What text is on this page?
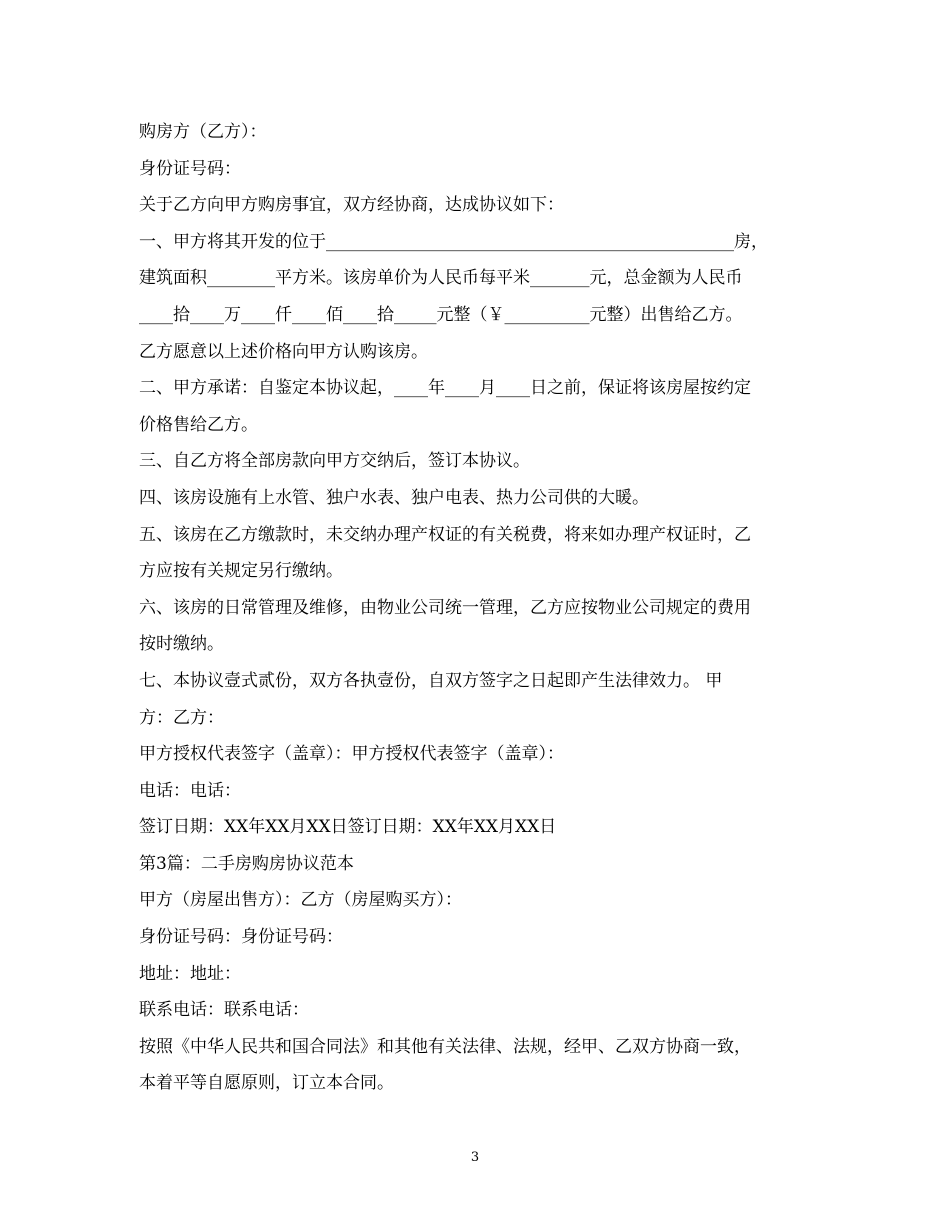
购房方（乙方）：
身份证号码：
关于乙方向甲方购房事宜，双方经协商，达成协议如下：
一、甲方将其开发的位于________________________________________________房，
建筑面积________平方米。该房单价为人民币每平米_______元，总金额为人民币
____拾____万____仟____佰____拾_____元整（￥__________元整）出售给乙方。
乙方愿意以上述价格向甲方认购该房。
二、甲方承诺：自鉴定本协议起，____年____月____日之前，保证将该房屋按约定
价格售给乙方。
三、自乙方将全部房款向甲方交纳后，签订本协议。
四、该房设施有上水管、独户水表、独户电表、热力公司供的大暖。
五、该房在乙方缴款时，未交纳办理产权证的有关税费，将来如办理产权证时，乙
方应按有关规定另行缴纳。
六、该房的日常管理及维修，由物业公司统一管理，乙方应按物业公司规定的费用
按时缴纳。
七、本协议壹式贰份，双方各执壹份，自双方签字之日起即产生法律效力。 甲
方：乙方：
甲方授权代表签字（盖章）：甲方授权代表签字（盖章）：
电话：电话：
签订日期：XX年XX月XX日签订日期：XX年XX月XX日
第3篇：二手房购房协议范本
甲方（房屋出售方）：乙方（房屋购买方）：
身份证号码：身份证号码：
地址：地址：
联系电话：联系电话：
按照《中华人民共和国合同法》和其他有关法律、法规，经甲、乙双方协商一致，
本着平等自愿原则，订立本合同。
3
